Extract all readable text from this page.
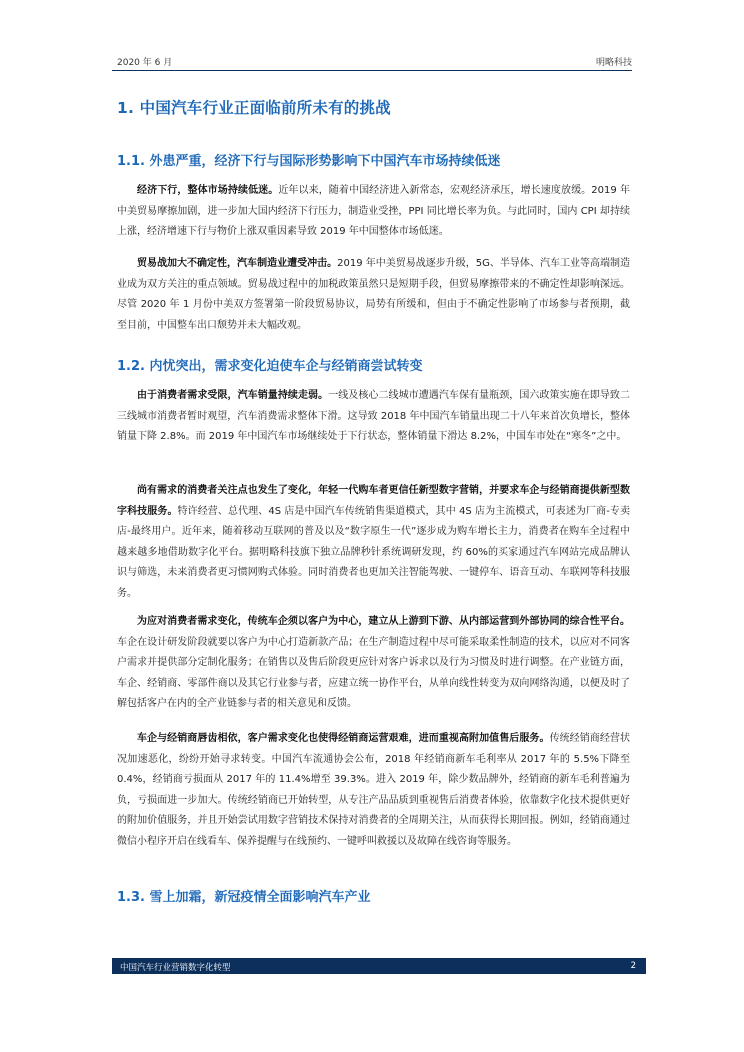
2020 年 6 月	明略科技
1. 中国汽车行业正面临前所未有的挑战
1.1. 外患严重，经济下行与国际形势影响下中国汽车市场持续低迷

经济下行，整体市场持续低迷。近年以来，随着中国经济进入新常态，宏观经济承压，增长速度放缓。2019 年中美贸易摩擦加剧，进一步加大国内经济下行压力，制造业受挫，PPI 同比增长率为负。与此同时，国内 CPI 却持续上涨，经济增速下行与物价上涨双重因素导致 2019 年中国整体市场低迷。

贸易战加大不确定性，汽车制造业遭受冲击。2019 年中美贸易战逐步升级，5G、半导体、汽车工业等高端制造业成为双方关注的重点领域。贸易战过程中的加税政策虽然只是短期手段，但贸易摩擦带来的不确定性却影响深远。尽管 2020 年 1 月份中美双方签署第一阶段贸易协议，局势有所缓和，但由于不确定性影响了市场参与者预期，截至目前，中国整车出口颓势并未大幅改观。

1.2. 内忧突出，需求变化迫使车企与经销商尝试转变

由于消费者需求受限，汽车销量持续走弱。一线及核心二线城市遭遇汽车保有量瓶颈，国六政策实施在即导致二三线城市消费者暂时观望，汽车消费需求整体下滑。这导致 2018 年中国汽车销量出现二十八年来首次负增长，整体销量下降 2.8%。而 2019 年中国汽车市场继续处于下行状态，整体销量下滑达 8.2%，中国车市处在“寒冬”之中。

尚有需求的消费者关注点也发生了变化，年轻一代购车者更信任新型数字营销，并要求车企与经销商提供新型数字科技服务。特许经营、总代理、4S 店是中国汽车传统销售渠道模式，其中 4S 店为主流模式，可表述为厂商-专卖店-最终用户。近年来，随着移动互联网的普及以及“数字原生一代”逐步成为购车增长主力，消费者在购车全过程中越来越多地借助数字化平台。据明略科技旗下独立品牌秒针系统调研发现，约 60%的买家通过汽车网站完成品牌认识与筛选，未来消费者更习惯网购式体验。同时消费者也更加关注智能驾驶、一键停车、语音互动、车联网等科技服务。

为应对消费者需求变化，传统车企须以客户为中心，建立从上游到下游、从内部运营到外部协同的综合性平台。车企在设计研发阶段就要以客户为中心打造新款产品；在生产制造过程中尽可能采取柔性制造的技术，以应对不同客户需求并提供部分定制化服务；在销售以及售后阶段更应针对客户诉求以及行为习惯及时进行调整。在产业链方面，车企、经销商、零部件商以及其它行业参与者，应建立统一协作平台，从单向线性转变为双向网络沟通，以便及时了解包括客户在内的全产业链参与者的相关意见和反馈。

车企与经销商唇齿相依，客户需求变化也使得经销商运营艰难，进而重视高附加值售后服务。传统经销商经营状况加速恶化，纷纷开始寻求转变。中国汽车流通协会公布，2018 年经销商新车毛利率从 2017 年的 5.5%下降至 0.4%，经销商亏损面从 2017 年的 11.4%增至 39.3%。进入 2019 年，除少数品牌外，经销商的新车毛利普遍为负，亏损面进一步加大。传统经销商已开始转型，从专注产品品质到重视售后消费者体验，依靠数字化技术提供更好的附加价值服务，并且开始尝试用数字营销技术保持对消费者的全周期关注，从而获得长期回报。例如，经销商通过微信小程序开启在线看车、保养提醒与在线预约、一键呼叫救援以及故障在线咨询等服务。

1.3. 雪上加霜，新冠疫情全面影响汽车产业
中国汽车行业营销数字化转型	2
